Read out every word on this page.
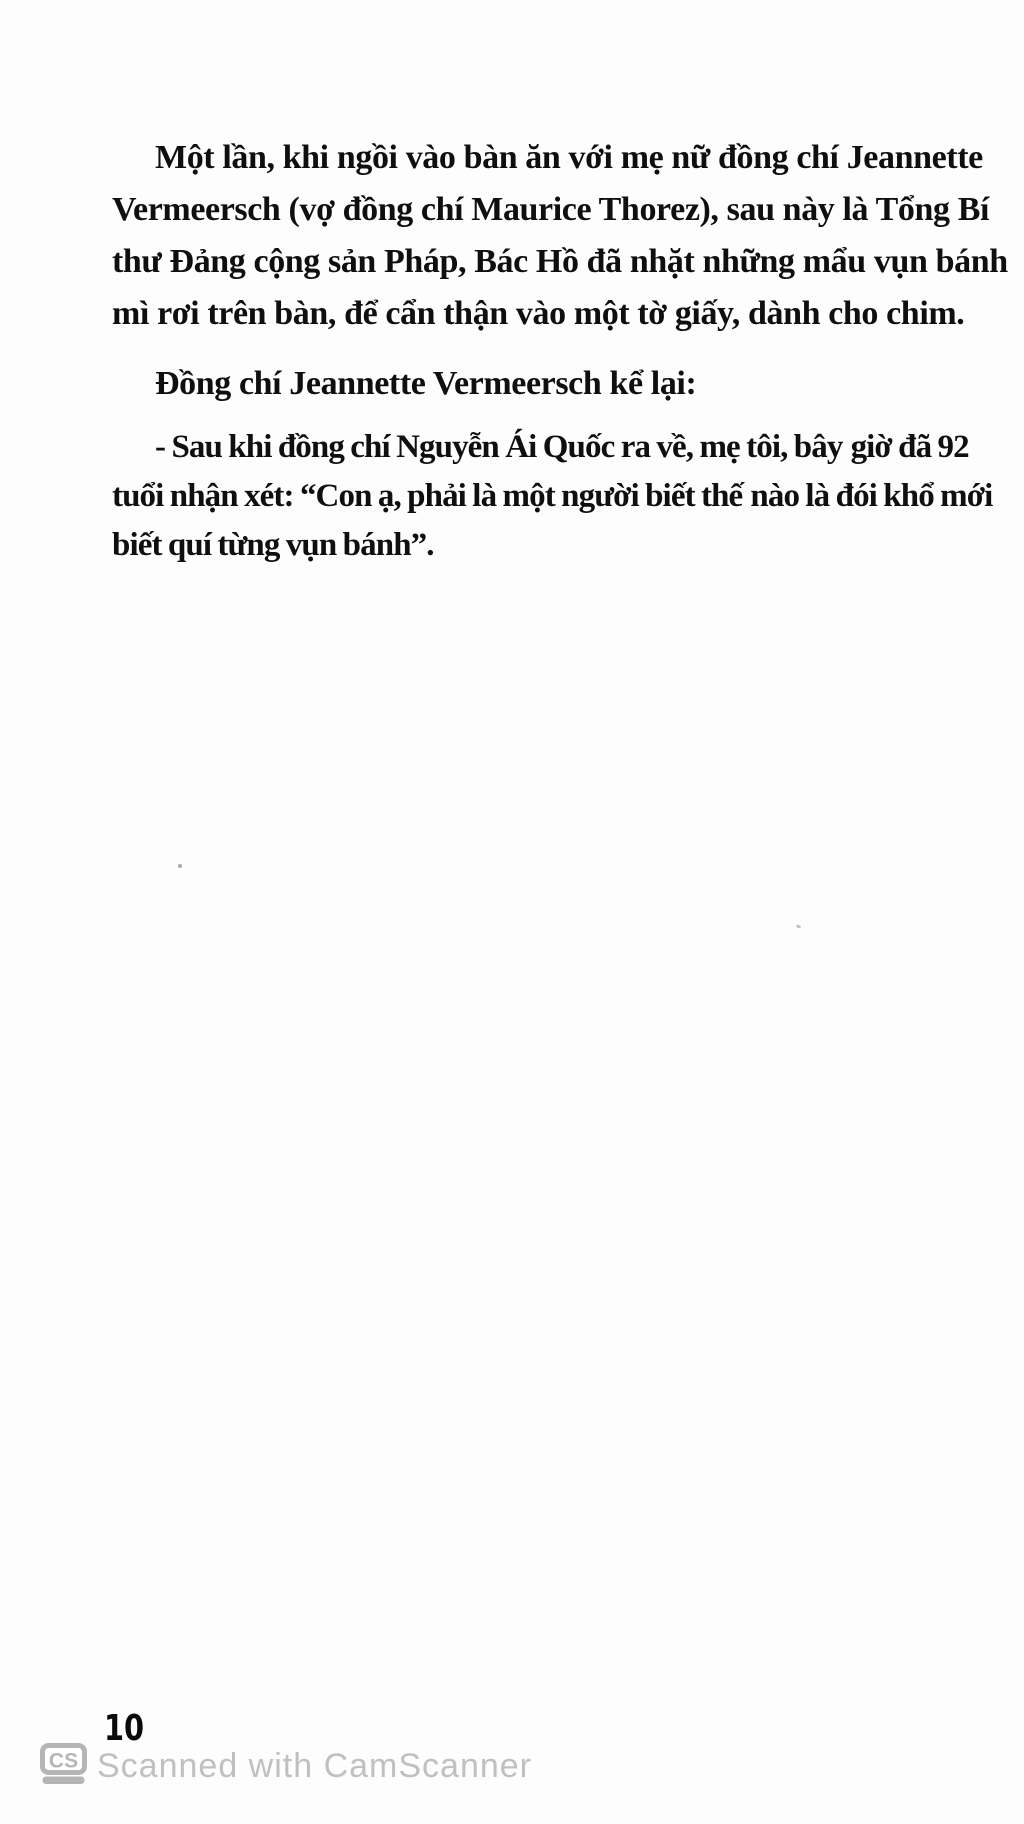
Một lần, khi ngồi vào bàn ăn với mẹ nữ đồng chí Jeannette Vermeersch (vợ đồng chí Maurice Thorez), sau này là Tổng Bí thư Đảng cộng sản Pháp, Bác Hồ đã nhặt những mẩu vụn bánh mì rơi trên bàn, để cẩn thận vào một tờ giấy, dành cho chim.

Đồng chí Jeannette Vermeersch kể lại:

- Sau khi đồng chí Nguyễn Ái Quốc ra về, mẹ tôi, bây giờ đã 92 tuổi nhận xét: “Con ạ, phải là một người biết thế nào là đói khổ mới biết quí từng vụn bánh”.

10
CS Scanned with CamScanner
